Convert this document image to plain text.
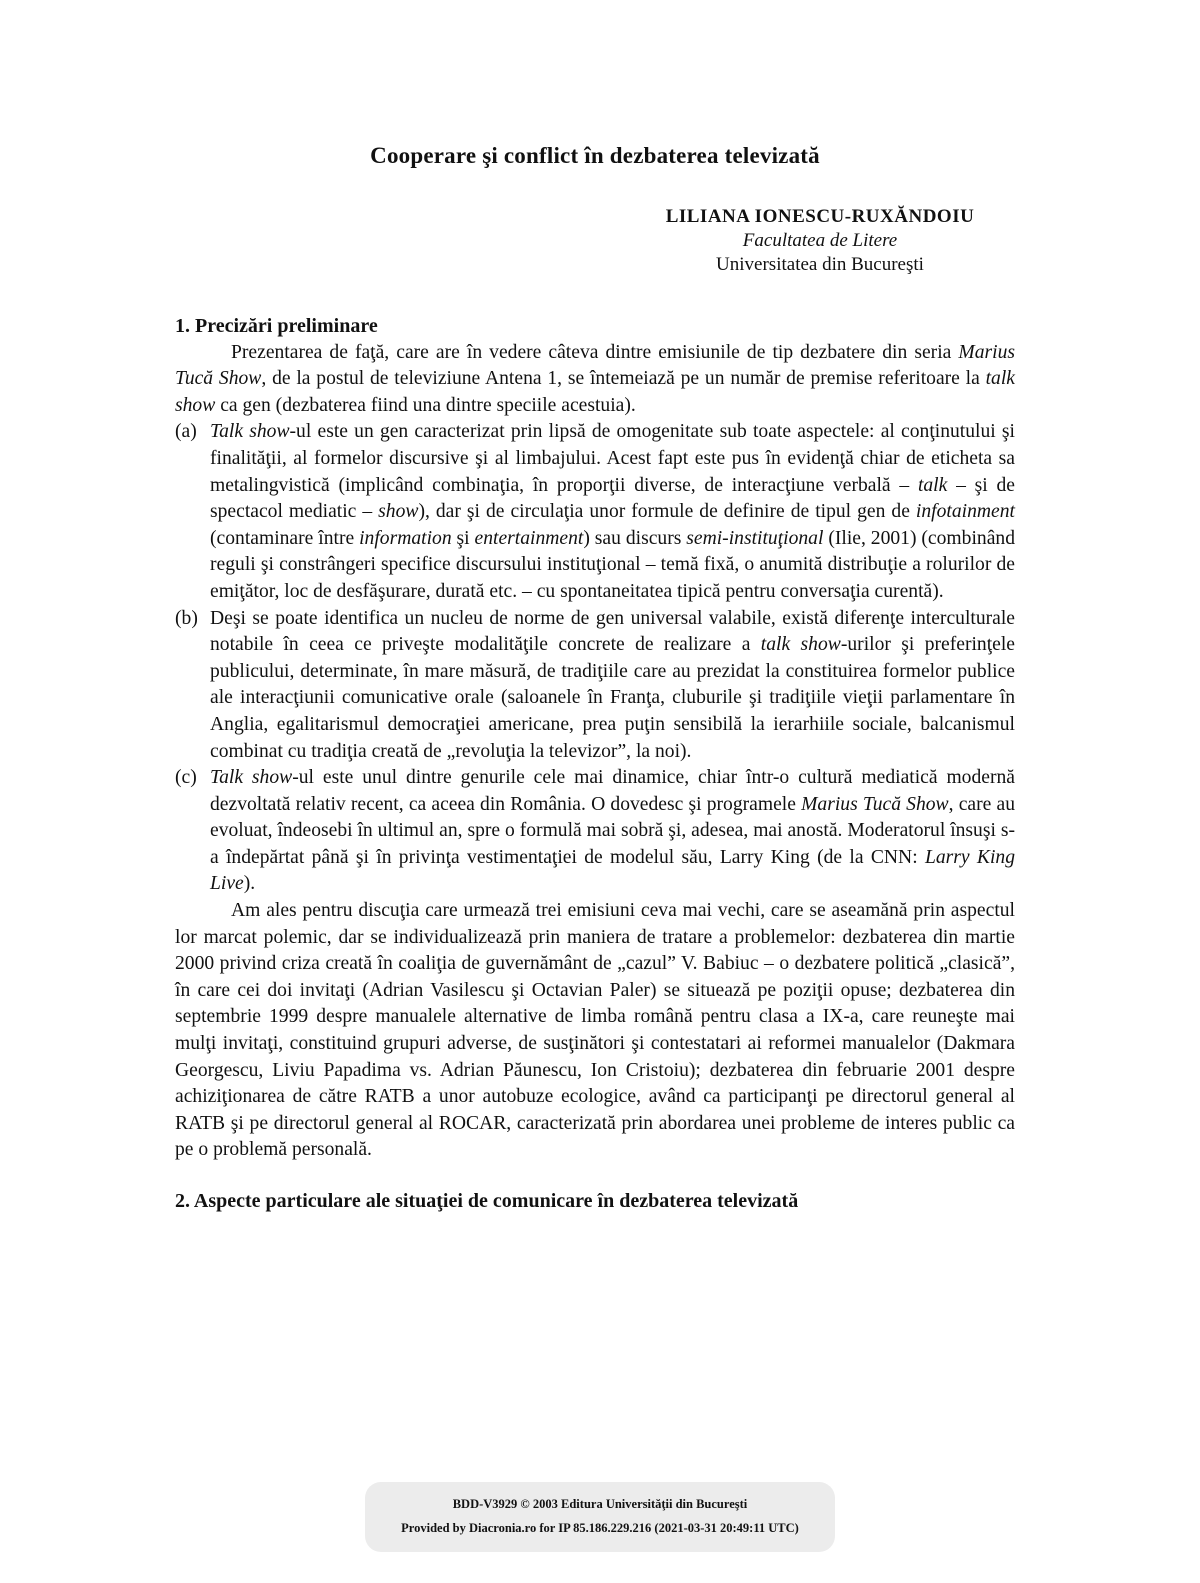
Cooperare şi conflict în dezbaterea televizată
LILIANA IONESCU-RUXĂNDOIU
Facultatea de Litere
Universitatea din Bucureşti
1. Precizări preliminare

Prezentarea de faţă, care are în vedere câteva dintre emisiunile de tip dezbatere din seria Marius Tucă Show, de la postul de televiziune Antena 1, se întemeiază pe un număr de premise referitoare la talk show ca gen (dezbaterea fiind una dintre speciile acestuia).

(a) Talk show-ul este un gen caracterizat prin lipsă de omogenitate sub toate aspectele: al conţinutului şi finalităţii, al formelor discursive şi al limbajului. Acest fapt este pus în evidenţă chiar de eticheta sa metalingvistică (implicând combinaţia, în proporţii diverse, de interacţiune verbală – talk – şi de spectacol mediatic – show), dar şi de circulaţia unor formule de definire de tipul gen de infotainment (contaminare între information şi entertainment) sau discurs semi-instituţional (Ilie, 2001) (combinând reguli şi constrângeri specifice discursului instituţional – temă fixă, o anumită distribuţie a rolurilor de emiţător, loc de desfăşurare, durată etc. – cu spontaneitatea tipică pentru conversaţia curentă).
(b) Deşi se poate identifica un nucleu de norme de gen universal valabile, există diferenţe interculturale notabile în ceea ce priveşte modalităţile concrete de realizare a talk show-urilor şi preferinţele publicului, determinate, în mare măsură, de tradiţiile care au prezidat la constituirea formelor publice ale interacţiunii comunicative orale (saloanele în Franţa, cluburile şi tradiţiile vieţii parlamentare în Anglia, egalitarismul democraţiei americane, prea puţin sensibilă la ierarhiile sociale, balcanismul combinat cu tradiţia creată de „revoluţia la televizor”, la noi).
(c) Talk show-ul este unul dintre genurile cele mai dinamice, chiar într-o cultură mediatică modernă dezvoltată relativ recent, ca aceea din România. O dovedesc şi programele Marius Tucă Show, care au evoluat, îndeosebi în ultimul an, spre o formulă mai sobră şi, adesea, mai anostă. Moderatorul însuşi s-a îndepărtat până şi în privinţa vestimentaţiei de modelul său, Larry King (de la CNN: Larry King Live).

Am ales pentru discuţia care urmează trei emisiuni ceva mai vechi, care se aseamănă prin aspectul lor marcat polemic, dar se individualizează prin maniera de tratare a problemelor: dezbaterea din martie 2000 privind criza creată în coaliţia de guvernământ de „cazul” V. Babiuc – o dezbatere politică „clasică”, în care cei doi invitaţi (Adrian Vasilescu şi Octavian Paler) se situează pe poziţii opuse; dezbaterea din septembrie 1999 despre manualele alternative de limba română pentru clasa a IX-a, care reuneşte mai mulţi invitaţi, constituind grupuri adverse, de susţinători şi contestatari ai reformei manualelor (Dakmara Georgescu, Liviu Papadima vs. Adrian Păunescu, Ion Cristoiu); dezbaterea din februarie 2001 despre achiziţionarea de către RATB a unor autobuze ecologice, având ca participanţi pe directorul general al RATB şi pe directorul general al ROCAR, caracterizată prin abordarea unei probleme de interes public ca pe o problemă personală.

2. Aspecte particulare ale situaţiei de comunicare în dezbaterea televizată
BDD-V3929 © 2003 Editura Universităţii din Bucureşti
Provided by Diacronia.ro for IP 85.186.229.216 (2021-03-31 20:49:11 UTC)
